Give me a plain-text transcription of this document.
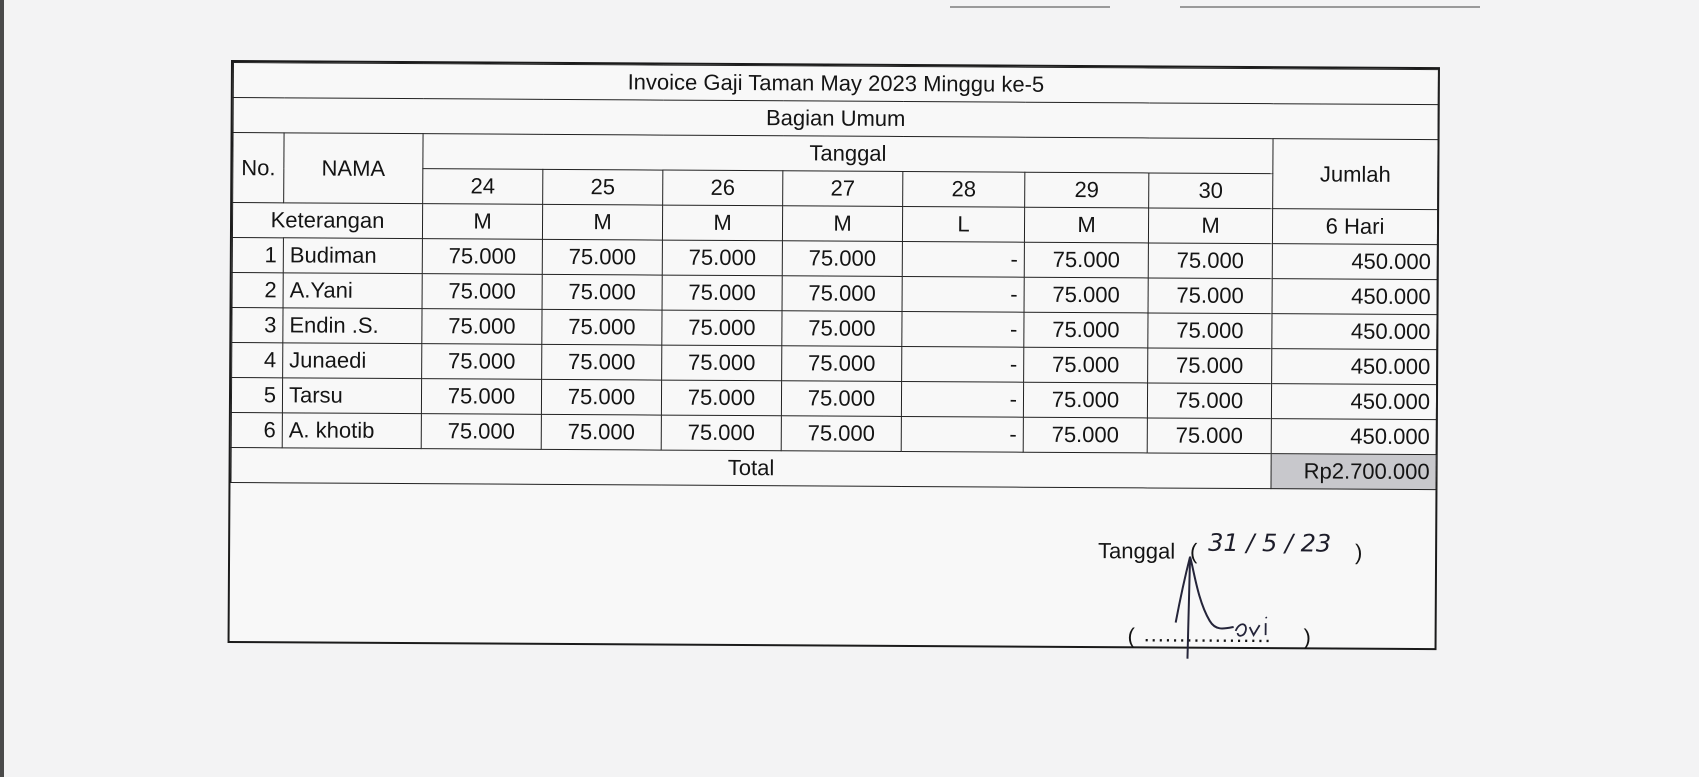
Invoice Gaji Taman May 2023 Minggu ke-5									
Bagian Umum									
No.	NAMA	Tanggal							Jumlah
		24	25	26	27	28	29	30	
Keterangan		M	M	M	M	L	M	M	6 Hari
1	Budiman	75.000	75.000	75.000	75.000	-	75.000	75.000	450.000
2	A.Yani	75.000	75.000	75.000	75.000	-	75.000	75.000	450.000
3	Endin .S.	75.000	75.000	75.000	75.000	-	75.000	75.000	450.000
4	Junaedi	75.000	75.000	75.000	75.000	-	75.000	75.000	450.000
5	Tarsu	75.000	75.000	75.000	75.000	-	75.000	75.000	450.000
6	A. khotib	75.000	75.000	75.000	75.000	-	75.000	75.000	450.000
Total									Rp2.700.000
Tanggal ( 31 / 5 / 23 )
( ..................	)
